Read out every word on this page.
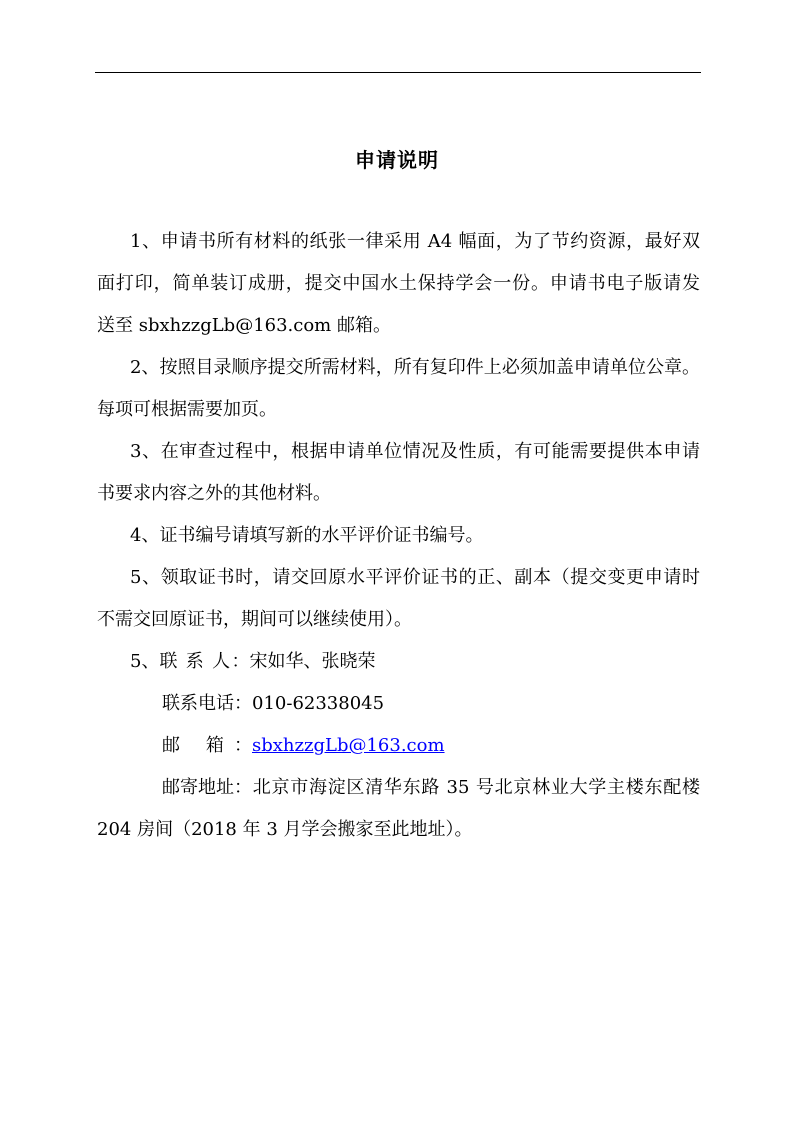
申请说明
1、申请书所有材料的纸张一律采用 A4 幅面，为了节约资源，最好双
面打印，简单装订成册，提交中国水土保持学会一份。申请书电子版请发
送至 sbxhzzgLb@163.com 邮箱。
2、按照目录顺序提交所需材料，所有复印件上必须加盖申请单位公章。
每项可根据需要加页。
3、在审查过程中，根据申请单位情况及性质，有可能需要提供本申请
书要求内容之外的其他材料。
4、证书编号请填写新的水平评价证书编号。
5、领取证书时，请交回原水平评价证书的正、副本（提交变更申请时
不需交回原证书，期间可以继续使用）。
5、联 系 人：宋如华、张晓荣
联系电话：010-62338045
邮 箱：sbxhzzgLb@163.com
邮寄地址：北京市海淀区清华东路 35 号北京林业大学主楼东配楼
204 房间（2018 年 3 月学会搬家至此地址）。
